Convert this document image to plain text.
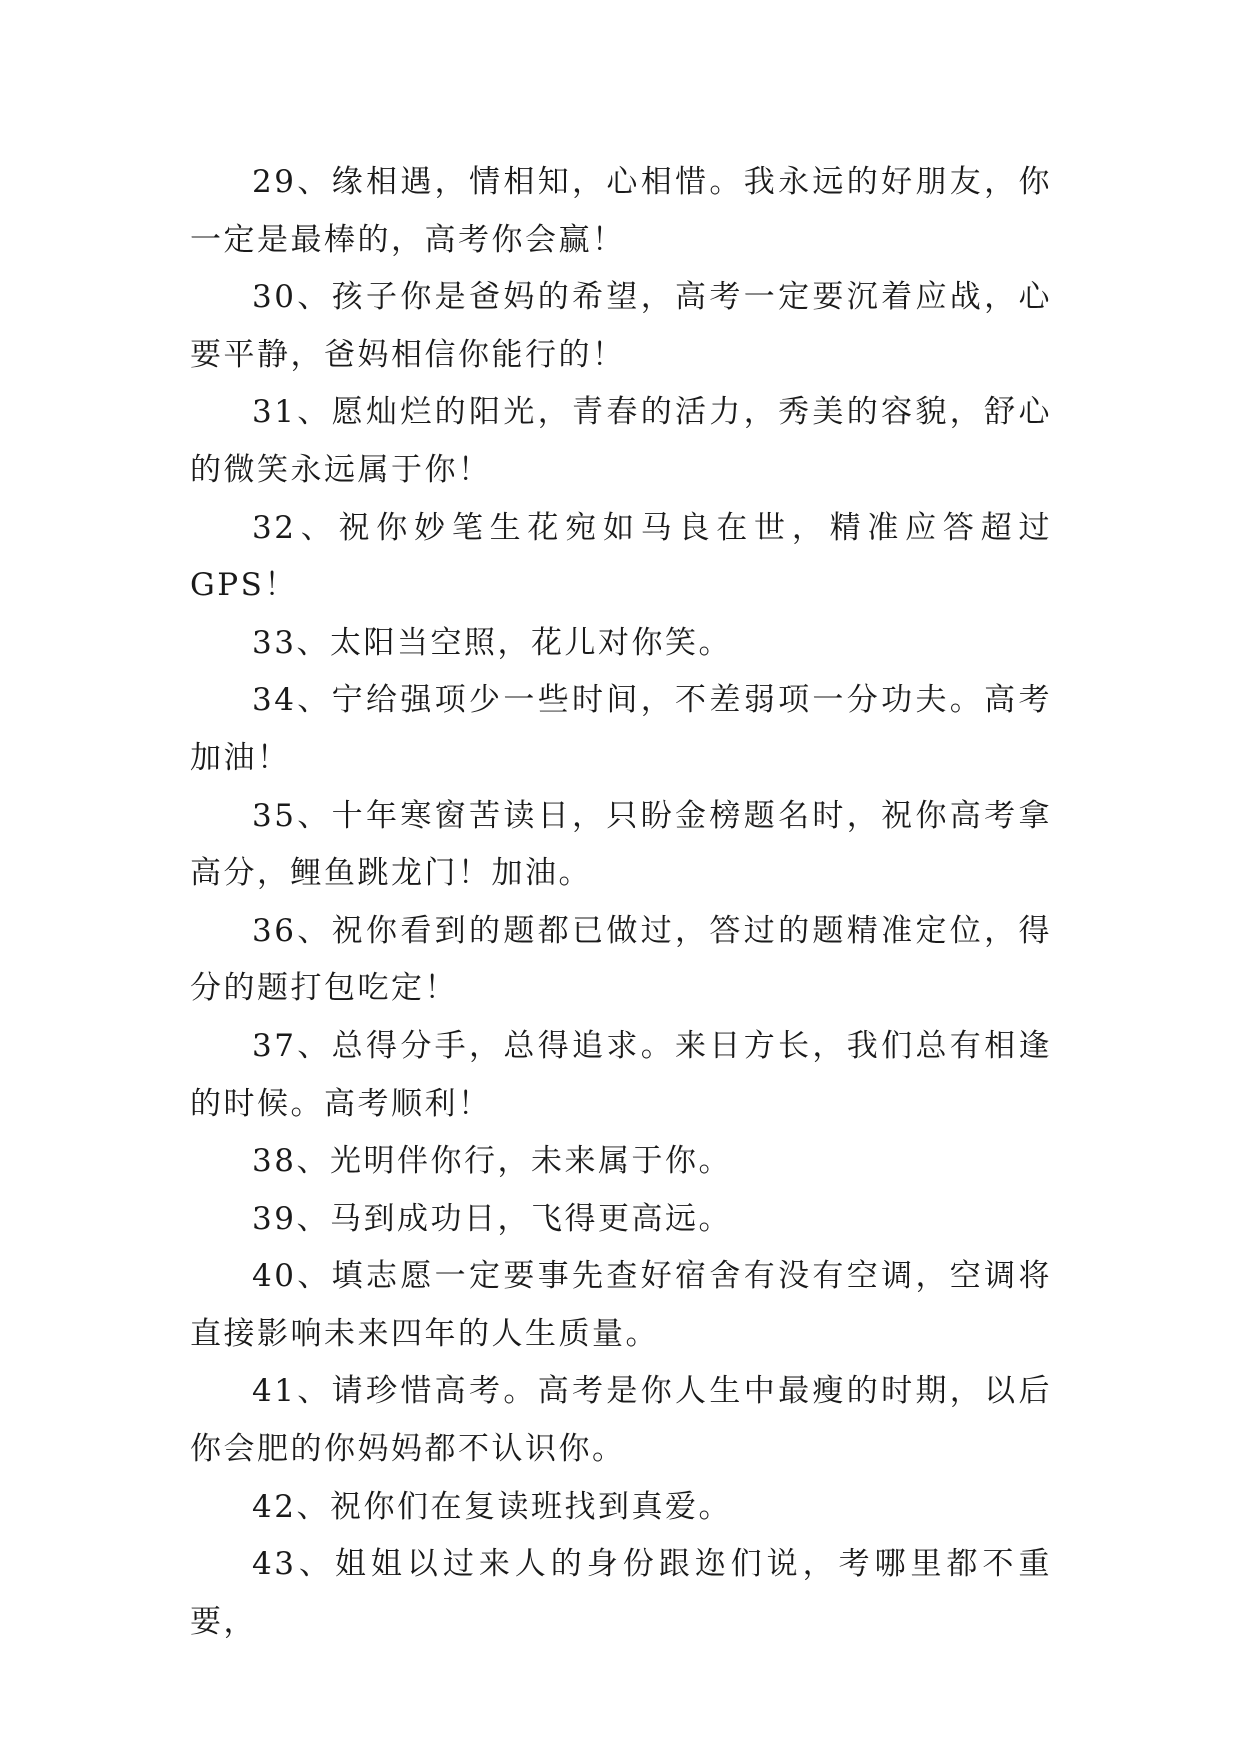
29、缘相遇，情相知，心相惜。我永远的好朋友，你一定是最棒的，高考你会赢！

30、孩子你是爸妈的希望，高考一定要沉着应战，心要平静，爸妈相信你能行的！

31、愿灿烂的阳光，青春的活力，秀美的容貌，舒心的微笑永远属于你！

32、祝你妙笔生花宛如马良在世，精准应答超过GPS！

33、太阳当空照，花儿对你笑。

34、宁给强项少一些时间，不差弱项一分功夫。高考加油！

35、十年寒窗苦读日，只盼金榜题名时，祝你高考拿高分，鲤鱼跳龙门！加油。

36、祝你看到的题都已做过，答过的题精准定位，得分的题打包吃定！

37、总得分手，总得追求。来日方长，我们总有相逢的时候。高考顺利！

38、光明伴你行，未来属于你。

39、马到成功日，飞得更高远。

40、填志愿一定要事先查好宿舍有没有空调，空调将直接影响未来四年的人生质量。

41、请珍惜高考。高考是你人生中最瘦的时期，以后你会肥的你妈妈都不认识你。

42、祝你们在复读班找到真爱。

43、姐姐以过来人的身份跟迩们说，考哪里都不重要，
